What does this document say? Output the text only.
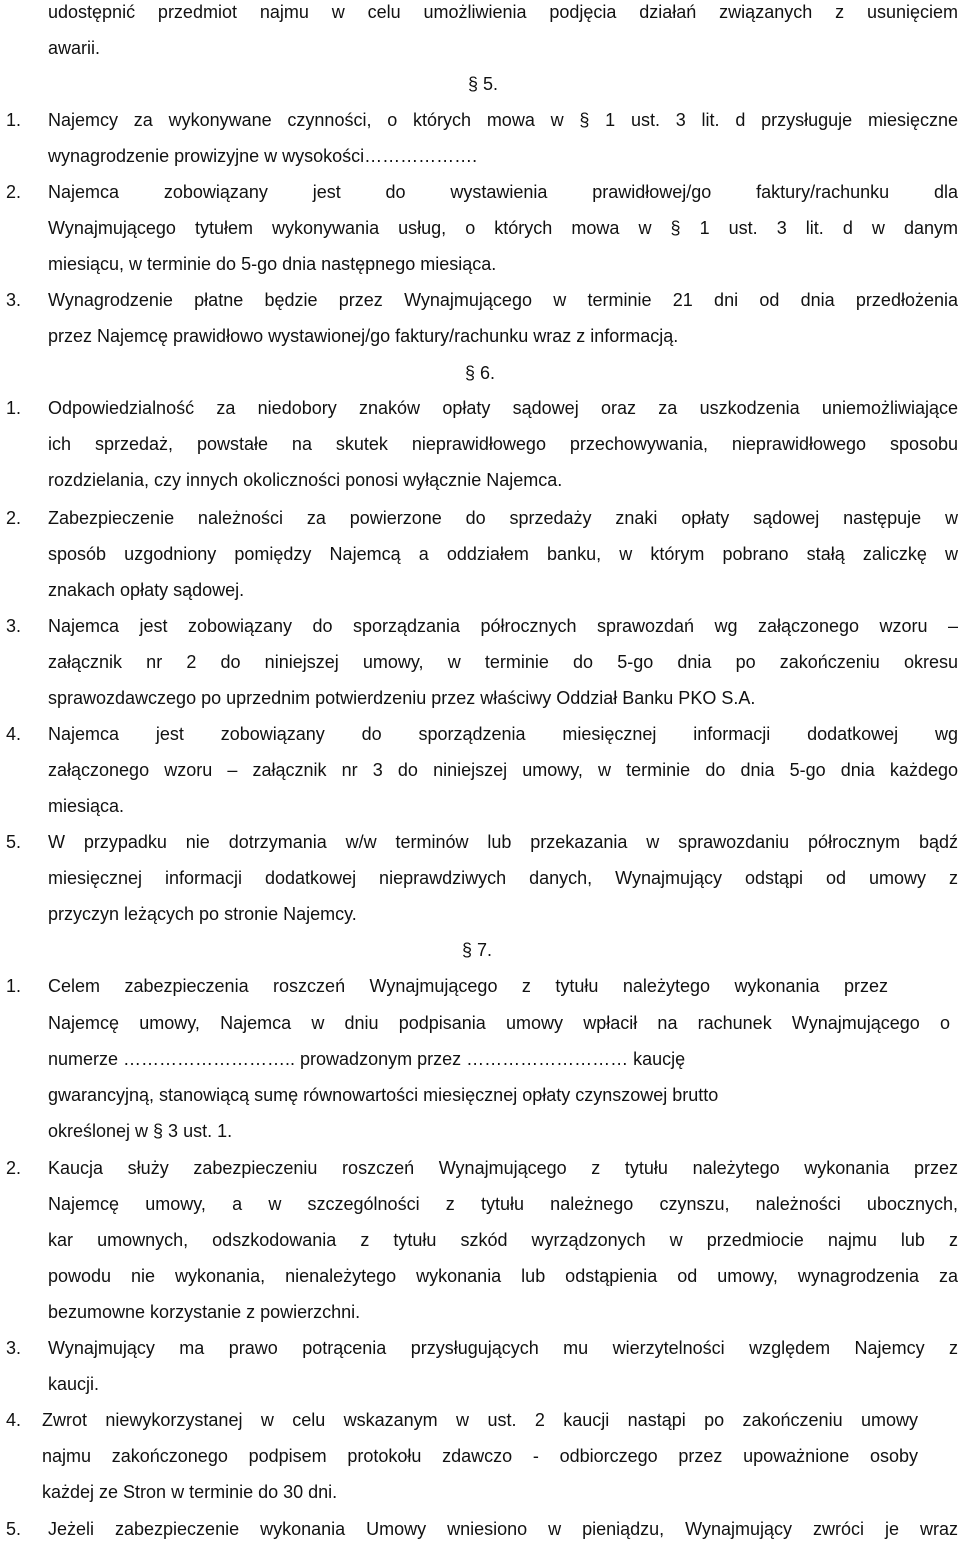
udostępnić przedmiot najmu w celu umożliwienia podjęcia działań związanych z usunięciem
awarii.
§ 5.
1. Najemcy za wykonywane czynności, o których mowa w § 1 ust. 3 lit. d przysługuje miesięczne
wynagrodzenie prowizyjne w wysokości……………….
2. Najemca zobowiązany jest do wystawienia prawidłowej/go faktury/rachunku dla
Wynajmującego tytułem wykonywania usług, o których mowa w § 1 ust. 3 lit. d w danym
miesiącu, w terminie do 5-go dnia następnego miesiąca.
3. Wynagrodzenie płatne będzie przez Wynajmującego w terminie 21 dni od dnia przedłożenia
przez Najemcę prawidłowo wystawionej/go faktury/rachunku wraz z informacją.
§ 6.
1. Odpowiedzialność za niedobory znaków opłaty sądowej oraz za uszkodzenia uniemożliwiające
ich sprzedaż, powstałe na skutek nieprawidłowego przechowywania, nieprawidłowego sposobu
rozdzielania, czy innych okoliczności ponosi wyłącznie Najemca.
2. Zabezpieczenie należności za powierzone do sprzedaży znaki opłaty sądowej następuje w
sposób uzgodniony pomiędzy Najemcą a oddziałem banku, w którym pobrano stałą zaliczkę w
znakach opłaty sądowej.
3. Najemca jest zobowiązany do sporządzania półrocznych sprawozdań wg załączonego wzoru –
załącznik nr 2 do niniejszej umowy, w terminie do 5-go dnia po zakończeniu okresu
sprawozdawczego po uprzednim potwierdzeniu przez właściwy Oddział Banku PKO S.A.
4. Najemca jest zobowiązany do sporządzenia miesięcznej informacji dodatkowej wg
załączonego wzoru – załącznik nr 3 do niniejszej umowy, w terminie do dnia 5-go dnia każdego
miesiąca.
5. W przypadku nie dotrzymania w/w terminów lub przekazania w sprawozdaniu półrocznym bądź
miesięcznej informacji dodatkowej nieprawdziwych danych, Wynajmujący odstąpi od umowy z
przyczyn leżących po stronie Najemcy.
§ 7.
1. Celem zabezpieczenia roszczeń Wynajmującego z tytułu należytego wykonania przez
Najemcę umowy, Najemca w dniu podpisania umowy wpłacił na rachunek Wynajmującego o
numerze ……………………….. prowadzonym przez ……………………… kaucję
gwarancyjną, stanowiącą sumę równowartości miesięcznej opłaty czynszowej brutto
określonej w § 3 ust. 1.
2. Kaucja służy zabezpieczeniu roszczeń Wynajmującego z tytułu należytego wykonania przez
Najemcę umowy, a w szczególności z tytułu należnego czynszu, należności ubocznych,
kar umownych, odszkodowania z tytułu szkód wyrządzonych w przedmiocie najmu lub z
powodu nie wykonania, nienależytego wykonania lub odstąpienia od umowy, wynagrodzenia za
bezumowne korzystanie z powierzchni.
3. Wynajmujący ma prawo potrącenia przysługujących mu wierzytelności względem Najemcy z
kaucji.
4. Zwrot niewykorzystanej w celu wskazanym w ust. 2 kaucji nastąpi po zakończeniu umowy
najmu zakończonego podpisem protokołu zdawczo - odbiorczego przez upoważnione osoby
każdej ze Stron w terminie do 30 dni.
5. Jeżeli zabezpieczenie wykonania Umowy wniesiono w pieniądzu, Wynajmujący zwróci je wraz
